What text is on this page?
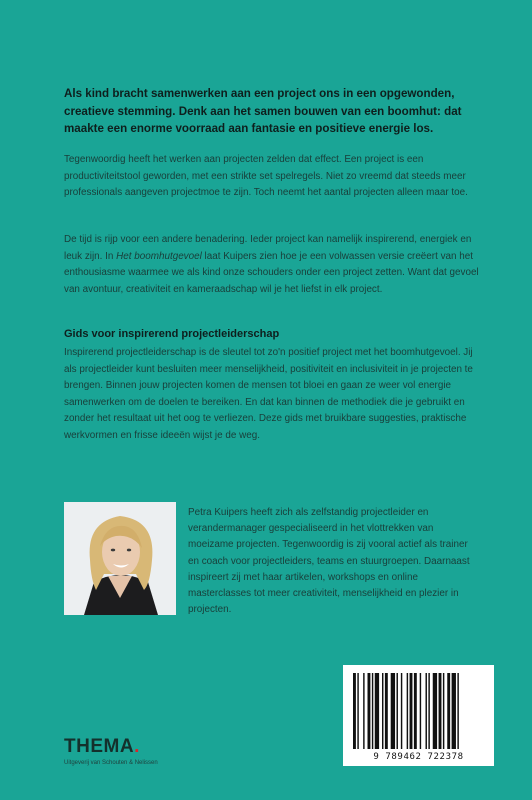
Als kind bracht samenwerken aan een project ons in een opgewonden, creatieve stemming. Denk aan het samen bouwen van een boomhut: dat maakte een enorme voorraad aan fantasie en positieve energie los.
Tegenwoordig heeft het werken aan projecten zelden dat effect. Een project is een productiviteitstool geworden, met een strikte set spelregels. Niet zo vreemd dat steeds meer professionals aangeven projectmoe te zijn. Toch neemt het aantal projecten alleen maar toe.
De tijd is rijp voor een andere benadering. Ieder project kan namelijk inspirerend, energiek en leuk zijn. In Het boomhutgevoel laat Kuipers zien hoe je een volwassen versie creëert van het enthousiasme waarmee we als kind onze schouders onder een project zetten. Want dat gevoel van avontuur, creativiteit en kameraadschap wil je het liefst in elk project.
Gids voor inspirerend projectleiderschap
Inspirerend projectleiderschap is de sleutel tot zo'n positief project met het boomhutgevoel. Jij als projectleider kunt besluiten meer menselijkheid, positiviteit en inclusiviteit in je projecten te brengen. Binnen jouw projecten komen de mensen tot bloei en gaan ze weer vol energie samenwerken om de doelen te bereiken. En dat kan binnen de methodiek die je gebruikt en zonder het resultaat uit het oog te verliezen. Deze gids met bruikbare suggesties, praktische werkvormen en frisse ideeën wijst je de weg.
Petra Kuipers heeft zich als zelfstandig projectleider en verandermanager gespecialiseerd in het vlottrekken van moeizame projecten. Tegenwoordig is zij vooral actief als trainer en coach voor projectleiders, teams en stuurgroepen. Daarnaast inspireert zij met haar artikelen, workshops en online masterclasses tot meer creativiteit, menselijkheid en plezier in projecten.
9 789462 722378
THEMA.
Uitgeverij van Schouten & Nelissen
